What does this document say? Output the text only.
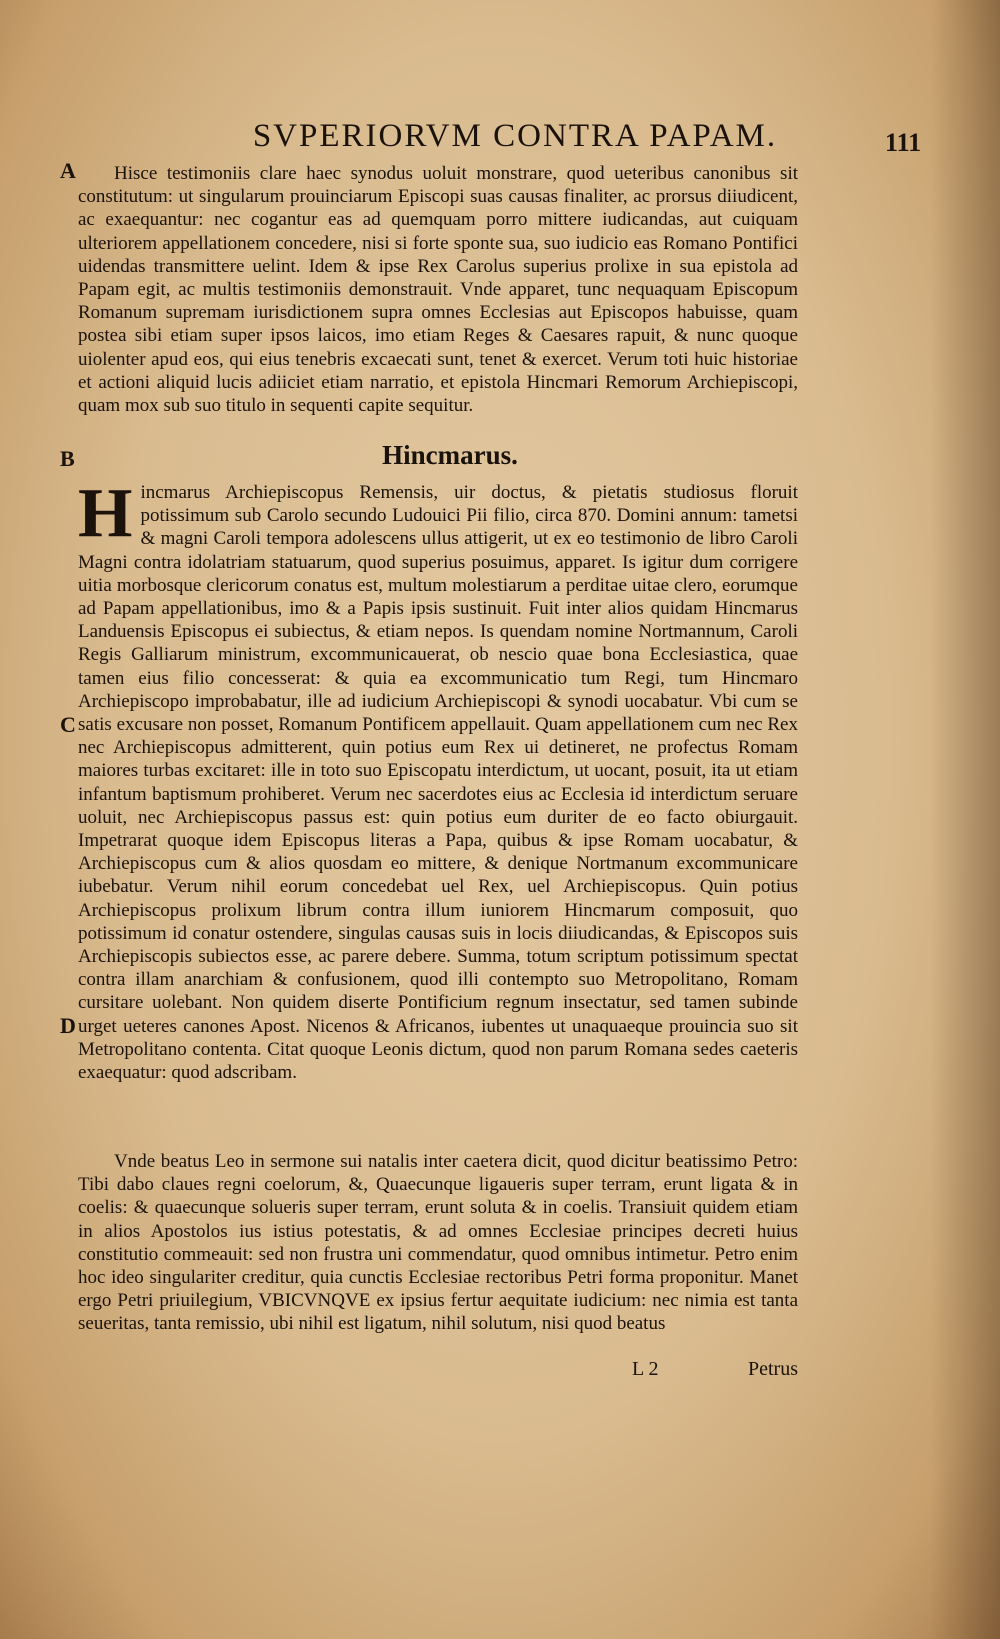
SVPERIORVM CONTRA PAPAM.	111
A
B
C
D

Hisce testimoniis clare haec synodus uoluit monstrare, quod ueteribus canonibus sit constitutum: ut singularum prouinciarum Episcopi suas causas finaliter, ac prorsus diiudicent, ac exaequantur: nec cogantur eas ad quemquam porro mittere iudicandas, aut cuiquam ulteriorem appellationem concedere, nisi si forte sponte sua, suo iudicio eas Romano Pontifici uidendas transmittere uelint. Idem & ipse Rex Carolus superius prolixe in sua epistola ad Papam egit, ac multis testimoniis demonstrauit. Vnde apparet, tunc nequaquam Episcopum Romanum supremam iurisdictionem supra omnes Ecclesias aut Episcopos habuisse, quam postea sibi etiam super ipsos laicos, imo etiam Reges & Caesares rapuit, & nunc quoque uiolenter apud eos, qui eius tenebris excaecati sunt, tenet & exercet. Verum toti huic historiae et actioni aliquid lucis adiiciet etiam narratio, et epistola Hincmari Remorum Archiepiscopi, quam mox sub suo titulo in sequenti capite sequitur.

Hincmarus.
Hincmarus Archiepiscopus Remensis, uir doctus, & pietatis studiosus floruit potissimum sub Carolo secundo Ludouici Pii filio, circa 870. Domini annum: tametsi & magni Caroli tempora adolescens ullus attigerit, ut ex eo testimonio de libro Caroli Magni contra idolatriam statuarum, quod superius posuimus, apparet. Is igitur dum corrigere uitia morbosque clericorum conatus est, multum molestiarum a perditae uitae clero, eorumque ad Papam appellationibus, imo & a Papis ipsis sustinuit. Fuit inter alios quidam Hincmarus Landuensis Episcopus ei subiectus, & etiam nepos. Is quendam nomine Nortmannum, Caroli Regis Galliarum ministrum, excommunicauerat, ob nescio quae bona Ecclesiastica, quae tamen eius filio concesserat: & quia ea excommunicatio tum Regi, tum Hincmaro Archiepiscopo improbabatur, ille ad iudicium Archiepiscopi & synodi uocabatur. Vbi cum se satis excusare non posset, Romanum Pontificem appellauit. Quam appellationem cum nec Rex nec Archiepiscopus admitterent, quin potius eum Rex ui detineret, ne profectus Romam maiores turbas excitaret: ille in toto suo Episcopatu interdictum, ut uocant, posuit, ita ut etiam infantum baptismum prohiberet. Verum nec sacerdotes eius ac Ecclesia id interdictum seruare uoluit, nec Archiepiscopus passus est: quin potius eum duriter de eo facto obiurgauit. Impetrarat quoque idem Episcopus literas a Papa, quibus & ipse Romam uocabatur, & Archiepiscopus cum & alios quosdam eo mittere, & denique Nortmanum excommunicare iubebatur. Verum nihil eorum concedebat uel Rex, uel Archiepiscopus. Quin potius Archiepiscopus prolixum librum contra illum iuniorem Hincmarum composuit, quo potissimum id conatur ostendere, singulas causas suis in locis diiudicandas, & Episcopos suis Archiepiscopis subiectos esse, ac parere debere. Summa, totum scriptum potissimum spectat contra illam anarchiam & confusionem, quod illi contempto suo Metropolitano, Romam cursitare uolebant. Non quidem diserte Pontificium regnum insectatur, sed tamen subinde urget ueteres canones Apost. Nicenos & Africanos, iubentes ut unaquaeque prouincia suo sit Metropolitano contenta. Citat quoque Leonis dictum, quod non parum Romana sedes caeteris exaequatur: quod adscribam.

Vnde beatus Leo in sermone sui natalis inter caetera dicit, quod dicitur beatissimo Petro: Tibi dabo claues regni coelorum, &, Quaecunque ligaueris super terram, erunt ligata & in coelis: & quaecunque solueris super terram, erunt soluta & in coelis. Transiuit quidem etiam in alios Apostolos ius istius potestatis, & ad omnes Ecclesiae principes decreti huius constitutio commeauit: sed non frustra uni commendatur, quod omnibus intimetur. Petro enim hoc ideo singulariter creditur, quia cunctis Ecclesiae rectoribus Petri forma proponitur. Manet ergo Petri priuilegium, VBICVNQVE ex ipsius fertur aequitate iudicium: nec nimia est tanta seueritas, tanta remissio, ubi nihil est ligatum, nihil solutum, nisi quod beatus

L 2	Petrus
